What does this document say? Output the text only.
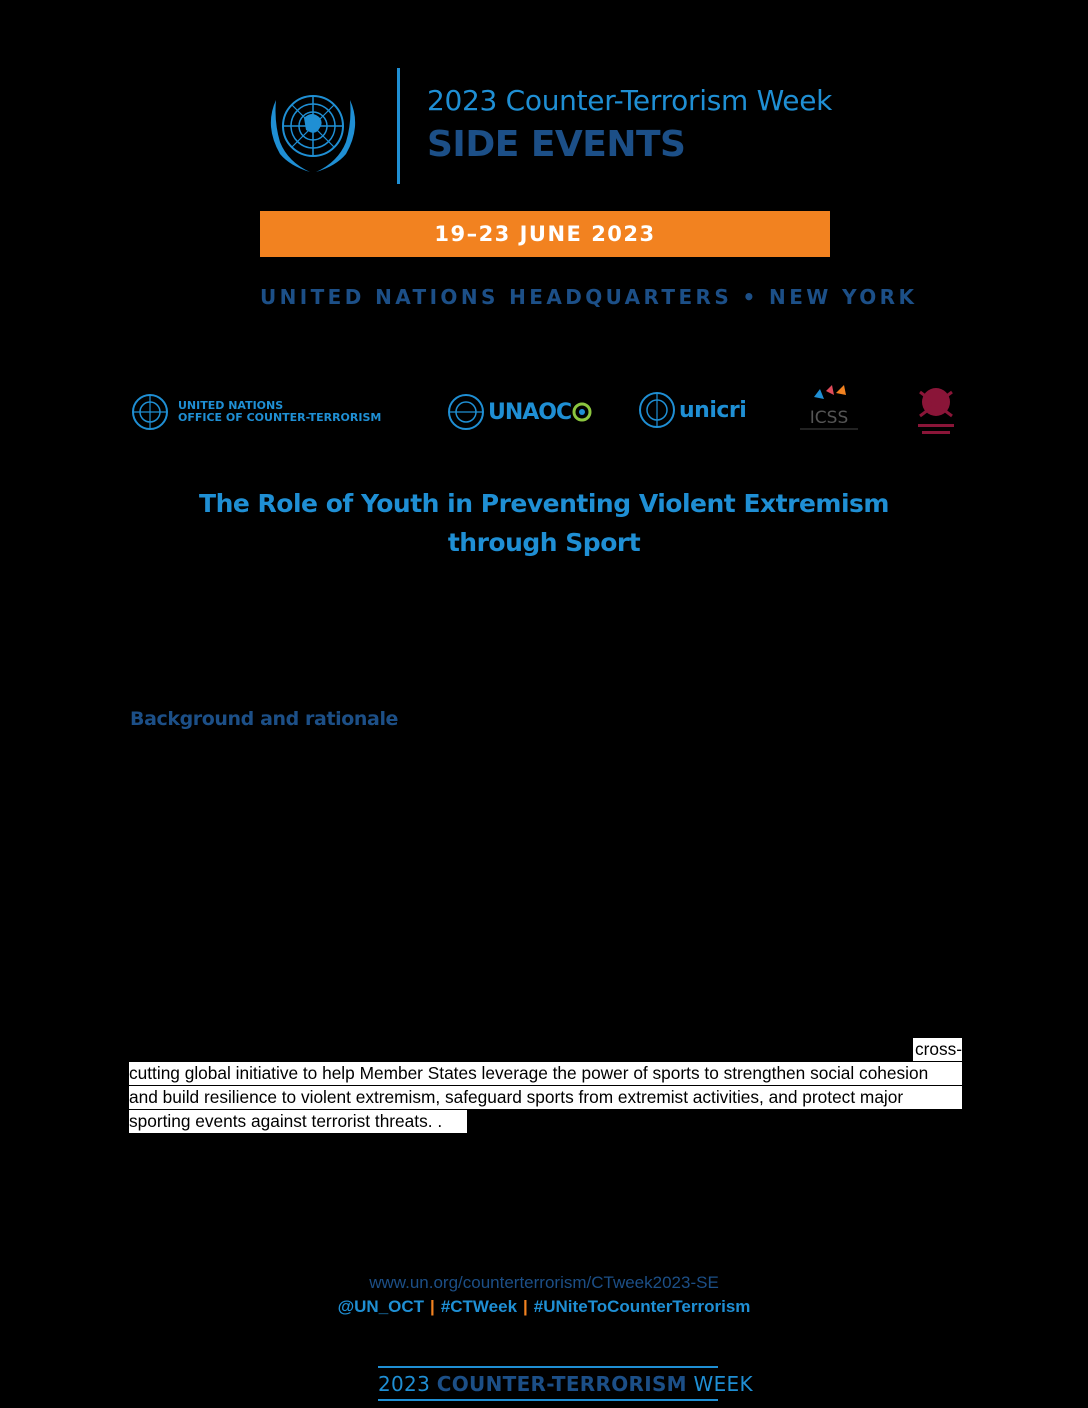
2023 Counter-Terrorism Week
SIDE EVENTS
19–23 JUNE 2023
UNITED NATIONS HEADQUARTERS • NEW YORK
UNITED NATIONS
OFFICE OF COUNTER-TERRORISM	UNAOC	unicri	ICSS
The Role of Youth in Preventing Violent Extremism
through Sport
Background and rationale
cross-
cutting global initiative to help Member States leverage the power of sports to strengthen social cohesion
and build resilience to violent extremism, safeguard sports from extremist activities, and protect major
sporting events against terrorist threats. .
www.un.org/counterterrorism/CTweek2023-SE
@UN_OCT | #CTWeek | #UNiteToCounterTerrorism
2023 COUNTER-TERRORISM WEEK
